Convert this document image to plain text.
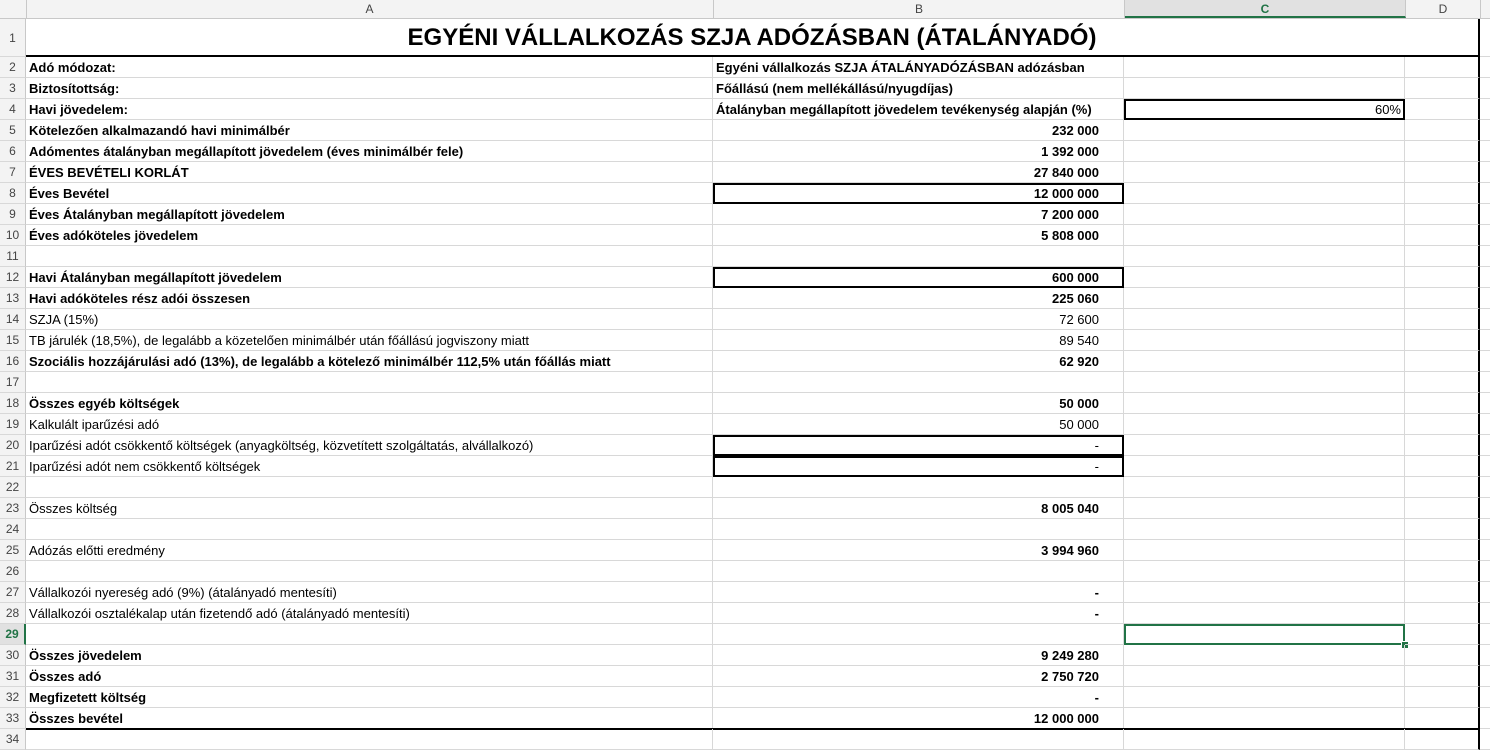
A	B	C	D
1	EGYÉNI VÁLLALKOZÁS SZJA ADÓZÁSBAN (ÁTALÁNYADÓ)
2	Adó módozat:	Egyéni vállalkozás SZJA ÁTALÁNYADÓZÁSBAN adózásban
3	Biztosítottság:	Főállású (nem mellékállású/nyugdíjas)
4	Havi jövedelem:	Átalányban megállapított jövedelem tevékenység alapján (%)	60%
5	Kötelezően alkalmazandó havi minimálbér	232 000
6	Adómentes átalányban megállapított jövedelem (éves minimálbér fele)	1 392 000
7	ÉVES BEVÉTELI KORLÁT	27 840 000
8	Éves Bevétel	12 000 000
9	Éves Átalányban megállapított jövedelem	7 200 000
10 Éves adóköteles jövedelem	5 808 000
11
12 Havi Átalányban megállapított jövedelem	600 000
13 Havi adóköteles rész adói összesen	225 060
14 SZJA (15%)	72 600
15 TB járulék (18,5%), de legalább a közetelően minimálbér után főállású jogviszony miatt	89 540
16 Szociális hozzájárulási adó (13%), de legalább a kötelező minimálbér 112,5% után főállás miatt	62 920
17
18 Összes egyéb költségek	50 000
19 Kalkulált iparűzési adó	50 000
20 Iparűzési adót csökkentő költségek (anyagköltség, közvetített szolgáltatás, alvállalkozó)	-
21 Iparűzési adót nem csökkentő költségek	-
22
23 Összes költség	8 005 040
24
25 Adózás előtti eredmény	3 994 960
26
27 Vállalkozói nyereség adó (9%) (átalányadó mentesíti)	-
28 Vállalkozói osztalékalap után fizetendő adó (átalányadó mentesíti)	-
29
30 Összes jövedelem	9 249 280
31 Összes adó	2 750 720
32 Megfizetett költség	-
33 Összes bevétel	12 000 000
34
